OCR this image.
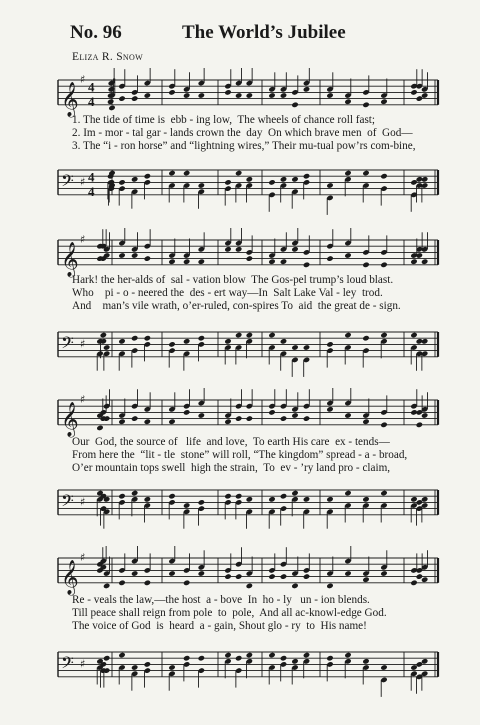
No. 96	The World’s Jubilee
Eliza R. Snow
𝄞
♯ 4
4
1. The tide of time is  ebb - ing low,  The wheels of chance roll fast;
2. Im - mor - tal gar - lands crown the  day  On which brave men  of  God—
3. The “i - ron horse” and “lightning wires,” Their mu-tual pow’rs com-bine,
𝄢 ♯ 4
4
𝄞
♯
Hark! the her-alds of  sal - vation blow  The Gos-pel trump’s loud blast.
Who    pi - o - neered the  des - ert way—In  Salt Lake Val - ley  trod.
And    man’s vile wrath, o’er-ruled, con-spires To  aid  the great de - sign.
𝄢 ♯
𝄞
♯
Our  God, the source of   life  and love,  To earth His care  ex - tends—
From here the  “lit - tle  stone” will roll, “The kingdom” spread - a - broad,
O’er mountain tops swell  high the strain,  To  ev - ’ry land pro - claim,
𝄢 ♯
𝄞
♯
Re - veals the law,—the host  a - bove  In  ho - ly   un - ion blends.
Till peace shall reign from pole  to  pole,  And all ac-knowl-edge God.
The voice of God  is  heard  a - gain, Shout glo - ry  to  His name!
𝄢 ♯
